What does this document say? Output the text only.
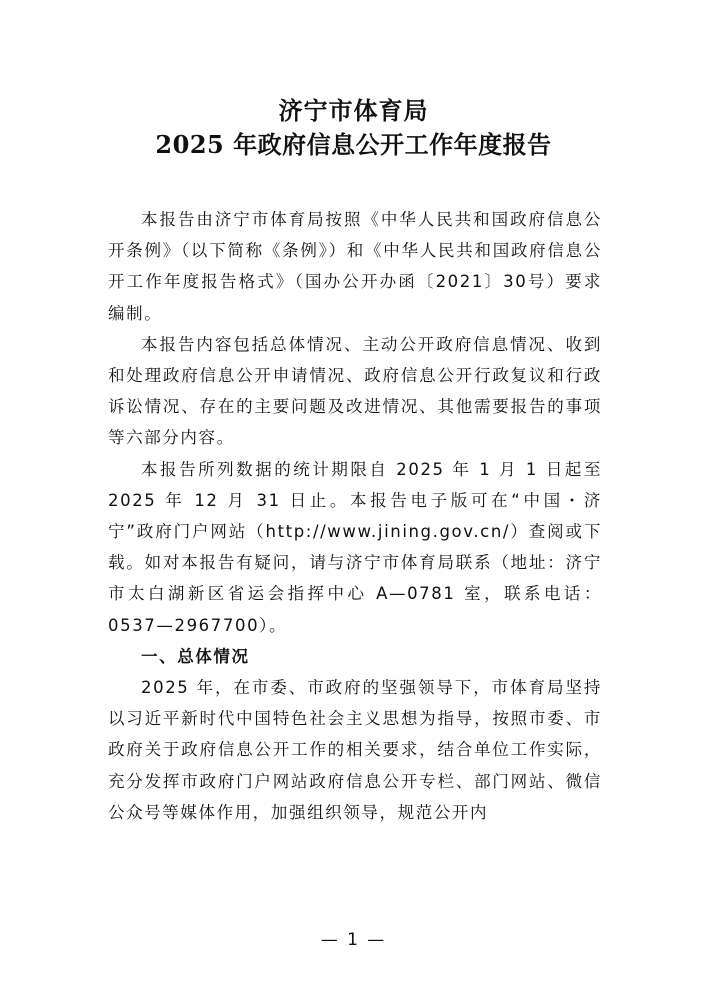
济宁市体育局
2025 年政府信息公开工作年度报告

本报告由济宁市体育局按照《中华人民共和国政府信息公开条例》（以下简称《条例》）和《中华人民共和国政府信息公开工作年度报告格式》（国办公开办函〔2021〕30号）要求编制。

本报告内容包括总体情况、主动公开政府信息情况、收到和处理政府信息公开申请情况、政府信息公开行政复议和行政诉讼情况、存在的主要问题及改进情况、其他需要报告的事项等六部分内容。

本报告所列数据的统计期限自 2025 年 1 月 1 日起至 2025 年 12 月 31 日止。本报告电子版可在“中国・济宁”政府门户网站（http://www.jining.gov.cn/）查阅或下载。如对本报告有疑问，请与济宁市体育局联系（地址：济宁市太白湖新区省运会指挥中心 A—0781 室，联系电话：0537—2967700）。

一、总体情况

2025 年，在市委、市政府的坚强领导下，市体育局坚持以习近平新时代中国特色社会主义思想为指导，按照市委、市政府关于政府信息公开工作的相关要求，结合单位工作实际，充分发挥市政府门户网站政府信息公开专栏、部门网站、微信公众号等媒体作用，加强组织领导，规范公开内

— 1 —
